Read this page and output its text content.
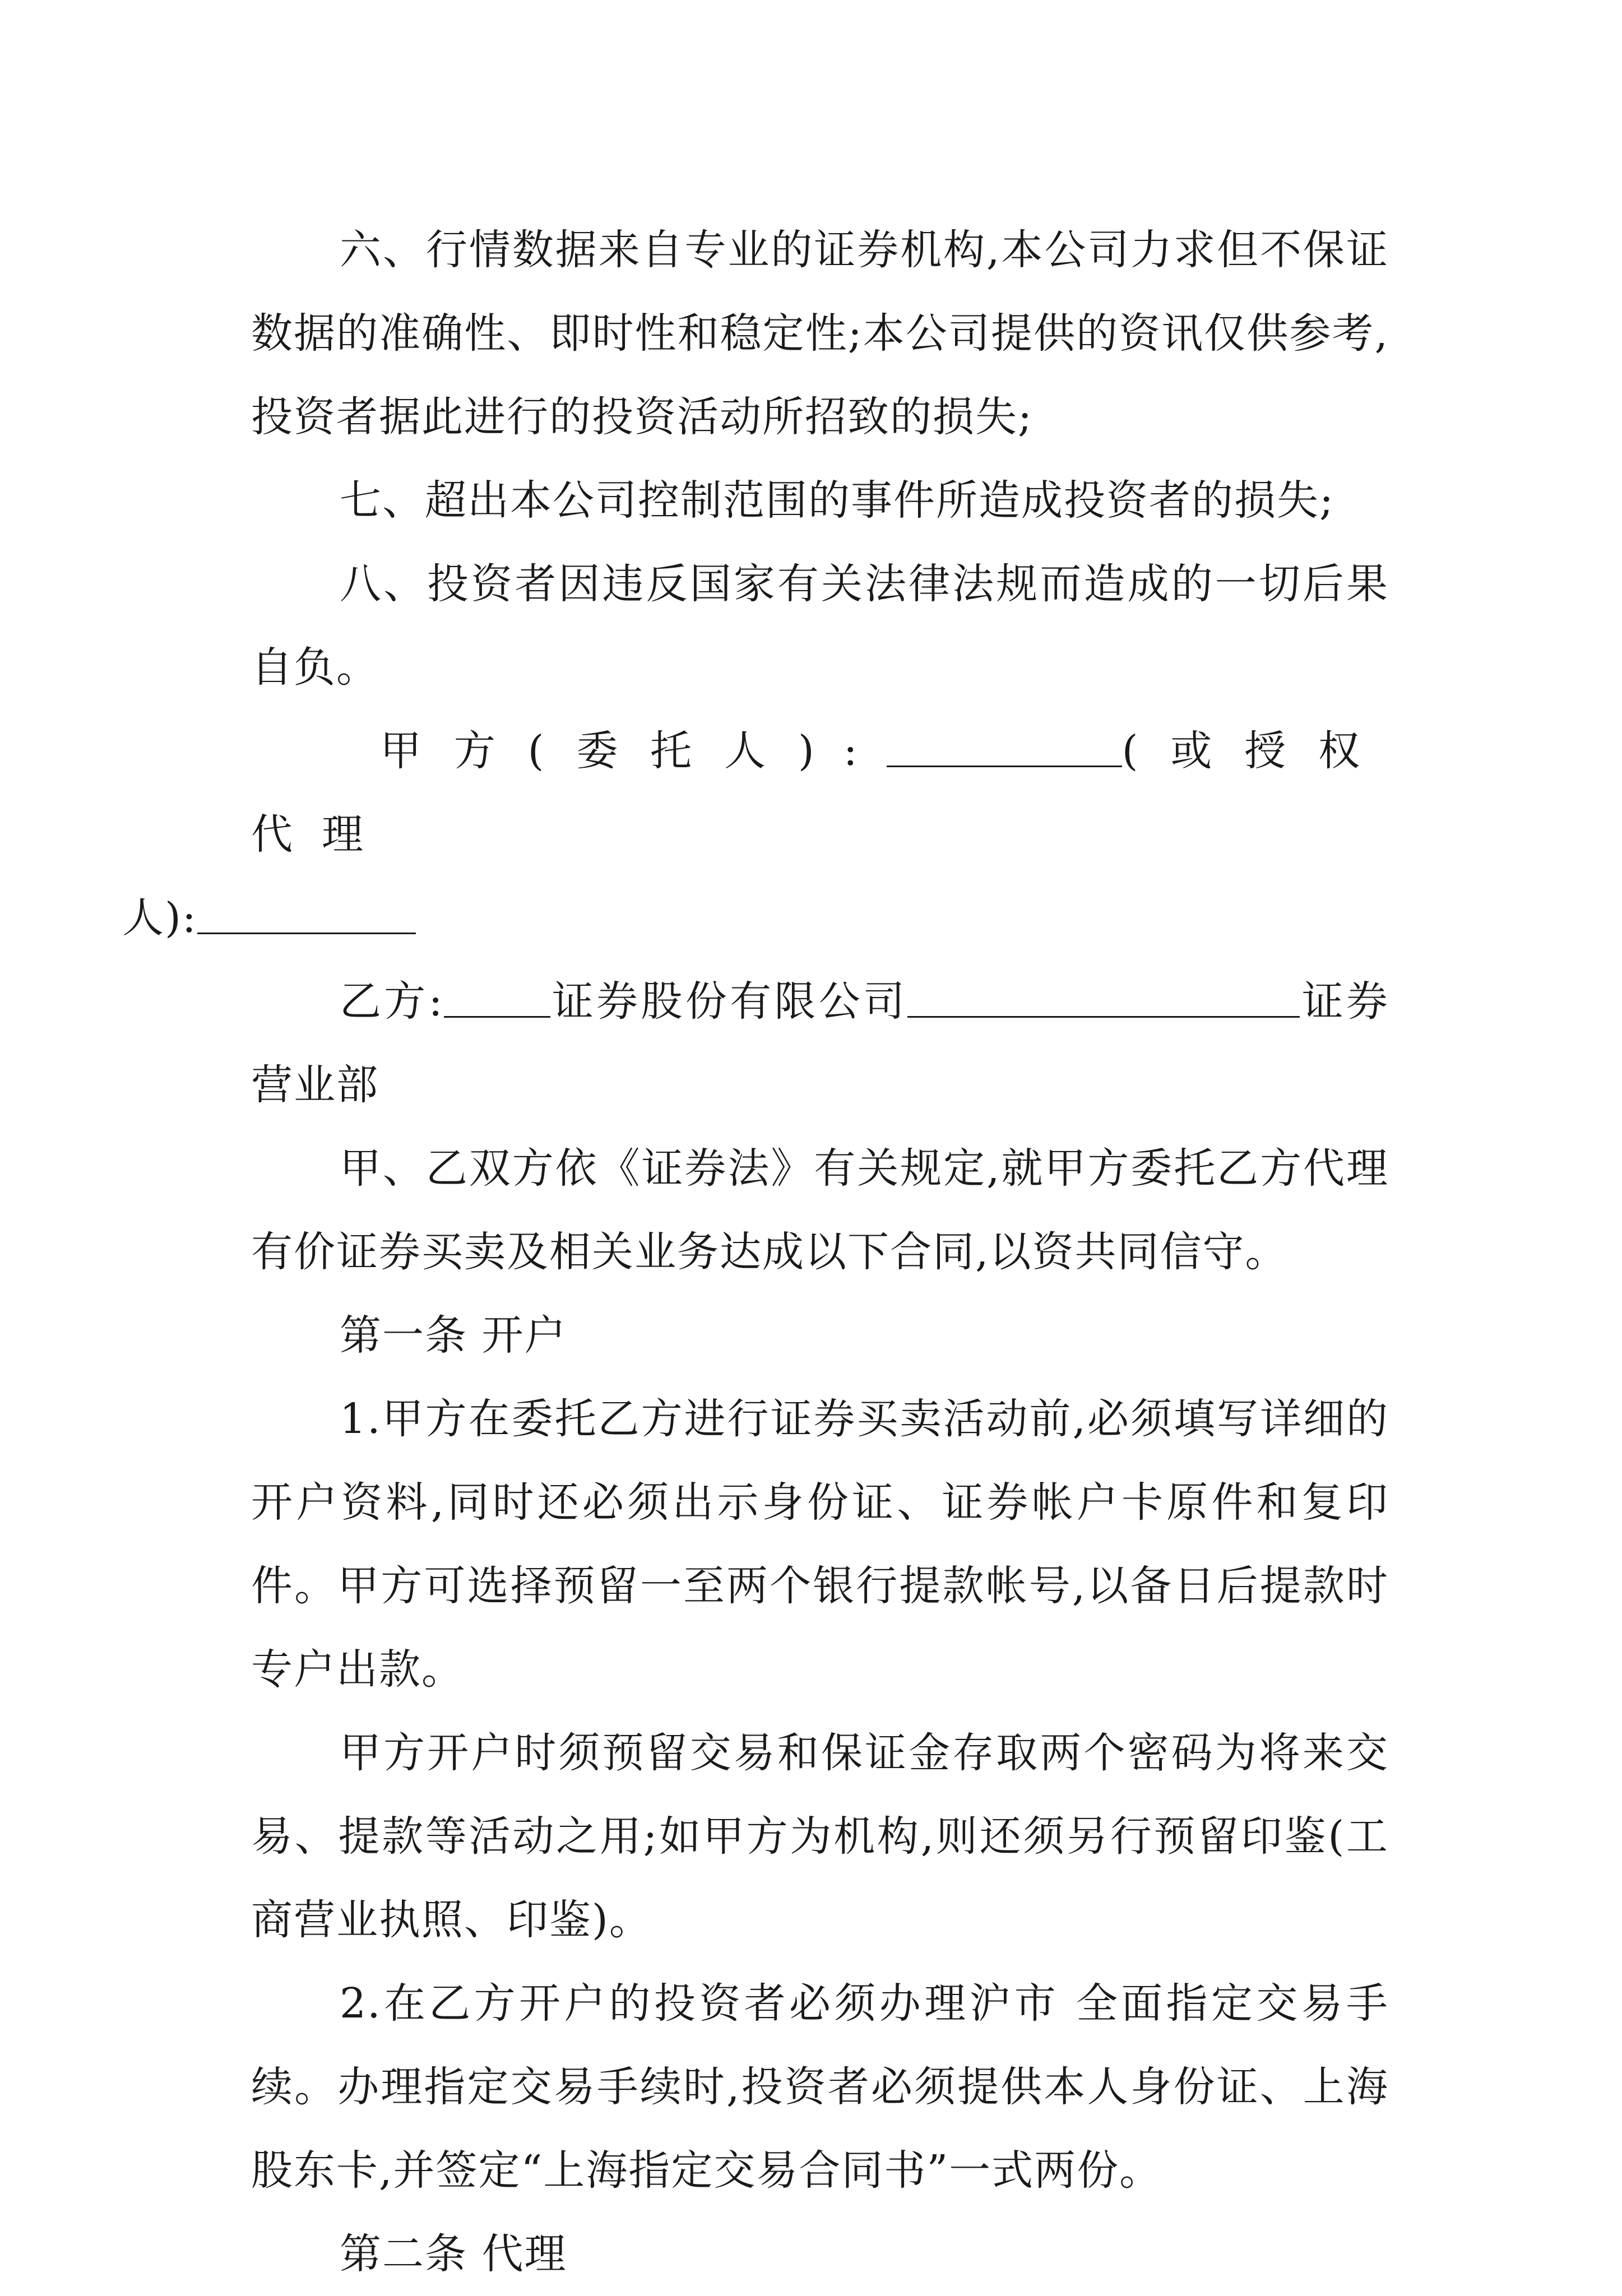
六、行情数据来自专业的证券机构,本公司力求但不保证数据的准确性、即时性和稳定性;本公司提供的资讯仅供参考,投资者据此进行的投资活动所招致的损失;

七、超出本公司控制范围的事件所造成投资者的损失;

八、投资者因违反国家有关法律法规而造成的一切后果自负。

甲方(委托人):	(或授权代理
人):

乙方:	证券股份有限公司	证券营业部

甲、乙双方依《证券法》有关规定,就甲方委托乙方代理有价证券买卖及相关业务达成以下合同,以资共同信守。

第一条 开户

1.甲方在委托乙方进行证券买卖活动前,必须填写详细的开户资料,同时还必须出示身份证、证券帐户卡原件和复印件。甲方可选择预留一至两个银行提款帐号,以备日后提款时专户出款。

甲方开户时须预留交易和保证金存取两个密码为将来交易、提款等活动之用;如甲方为机构,则还须另行预留印鉴(工商营业执照、印鉴)。

2.在乙方开户的投资者必须办理沪市 全面指定交易手续。办理指定交易手续时,投资者必须提供本人身份证、上海股东卡,并签定“上海指定交易合同书”一式两份。

第二条 代理
